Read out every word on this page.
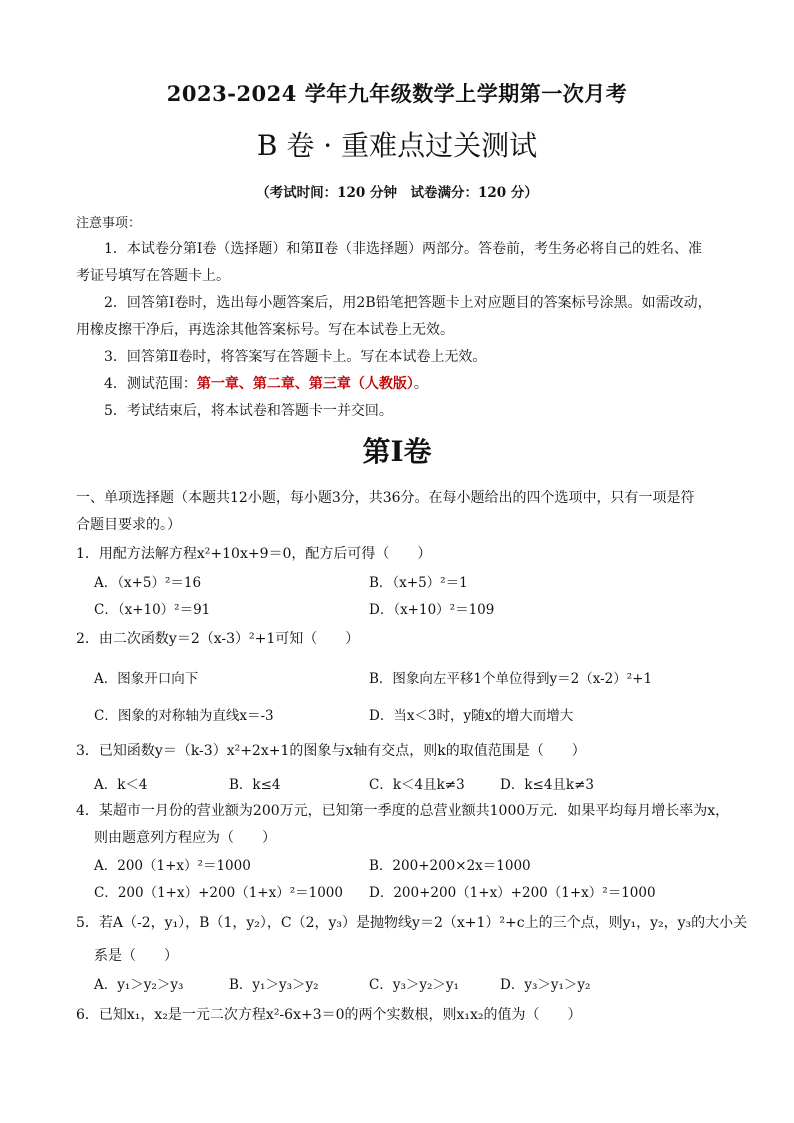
2023-2024 学年九年级数学上学期第一次月考
B 卷 · 重难点过关测试
（考试时间：120 分钟　试卷满分：120 分）
注意事项：
1．本试卷分第Ⅰ卷（选择题）和第Ⅱ卷（非选择题）两部分。答卷前，考生务必将自己的姓名、准
考证号填写在答题卡上。
2．回答第Ⅰ卷时，选出每小题答案后，用2B铅笔把答题卡上对应题目的答案标号涂黑。如需改动，
用橡皮擦干净后，再选涂其他答案标号。写在本试卷上无效。
3．回答第Ⅱ卷时，将答案写在答题卡上。写在本试卷上无效。
4．测试范围：第一章、第二章、第三章（人教版）。
5．考试结束后，将本试卷和答题卡一并交回。
第Ⅰ卷
一、单项选择题（本题共12小题，每小题3分，共36分。在每小题给出的四个选项中，只有一项是符
合题目要求的。）
1．用配方法解方程x²+10x+9＝0，配方后可得（　　）
A．（x+5）²＝16	B．（x+5）²＝1
C．（x+10）²＝91	D．（x+10）²＝109
2．由二次函数y＝2（x-3）²+1可知（　　）
A．图象开口向下	B．图象向左平移1个单位得到y＝2（x-2）²+1
C．图象的对称轴为直线x＝-3	D．当x＜3时，y随x的增大而增大
3．已知函数y＝（k-3）x²+2x+1的图象与x轴有交点，则k的取值范围是（　　）
A．k＜4	B．k≤4	C．k＜4且k≠3	D．k≤4且k≠3
4．某超市一月份的营业额为200万元，已知第一季度的总营业额共1000万元．如果平均每月增长率为x，
则由题意列方程应为（　　）
A．200（1+x）²＝1000	B．200+200×2x＝1000
C．200（1+x）+200（1+x）²＝1000 D．200+200（1+x）+200（1+x）²＝1000
5．若A（-2，y₁），B（1，y₂），C（2，y₃）是抛物线y＝2（x+1）²+c上的三个点，则y₁，y₂，y₃的大小关
系是（　　）
A．y₁＞y₂＞y₃	B．y₁＞y₃＞y₂	C．y₃＞y₂＞y₁	D．y₃＞y₁＞y₂
6．已知x₁，x₂是一元二次方程x²-6x+3＝0的两个实数根，则x₁x₂的值为（　　）
